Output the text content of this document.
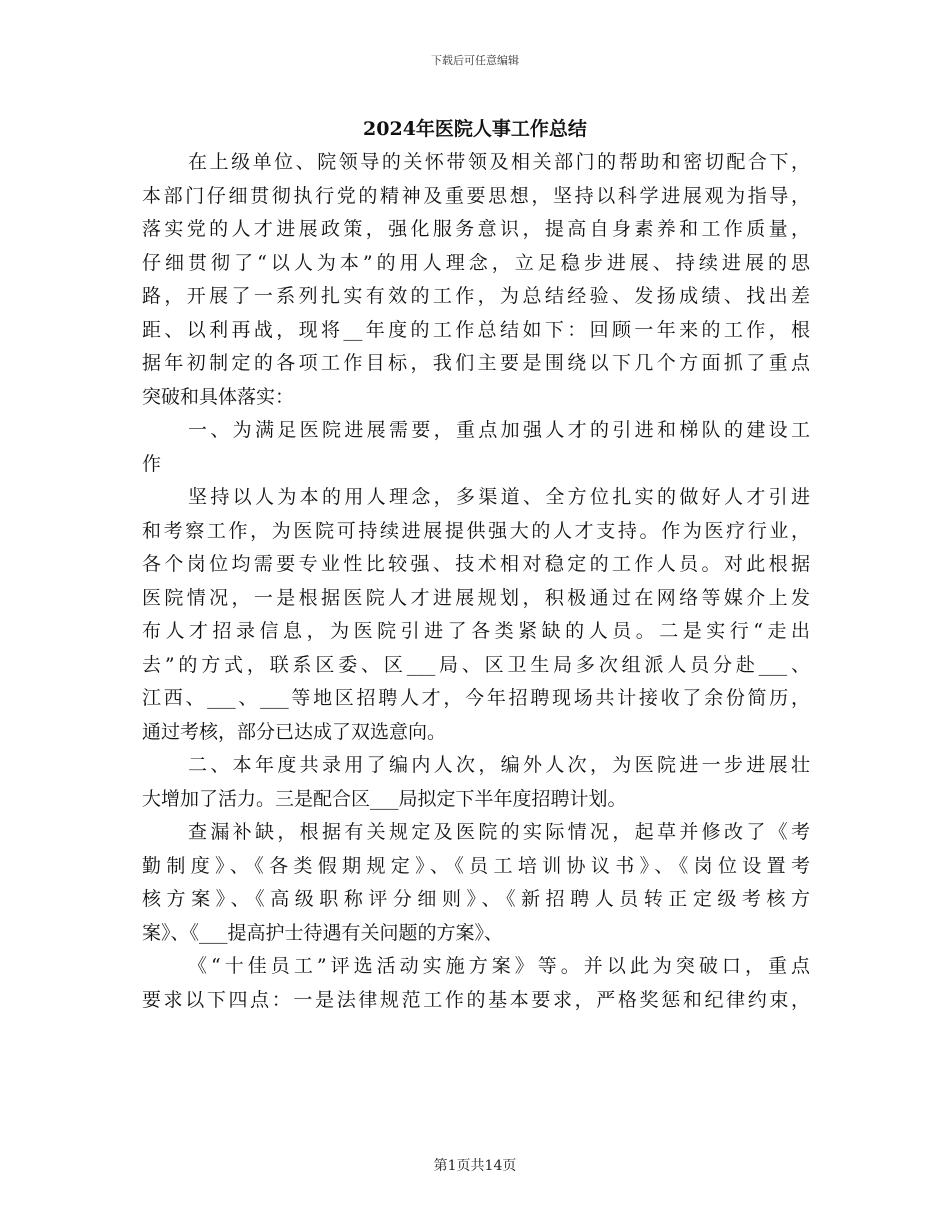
下载后可任意编辑
2024年医院人事工作总结
在上级单位、院领导的关怀带领及相关部门的帮助和密切配合下，
本部门仔细贯彻执行党的精神及重要思想，坚持以科学进展观为指导，
落实党的人才进展政策，强化服务意识，提高自身素养和工作质量，
仔细贯彻了“以人为本”的用人理念，立足稳步进展、持续进展的思
路，开展了一系列扎实有效的工作，为总结经验、发扬成绩、找出差
距、以利再战，现将__年度的工作总结如下：回顾一年来的工作，根
据年初制定的各项工作目标，我们主要是围绕以下几个方面抓了重点
突破和具体落实：
一、为满足医院进展需要，重点加强人才的引进和梯队的建设工
作
坚持以人为本的用人理念，多渠道、全方位扎实的做好人才引进
和考察工作，为医院可持续进展提供强大的人才支持。作为医疗行业，
各个岗位均需要专业性比较强、技术相对稳定的工作人员。对此根据
医院情况，一是根据医院人才进展规划，积极通过在网络等媒介上发
布人才招录信息，为医院引进了各类紧缺的人员。二是实行“走出
去”的方式，联系区委、区___局、区卫生局多次组派人员分赴___、
江西、___、___等地区招聘人才，今年招聘现场共计接收了余份简历，
通过考核，部分已达成了双选意向。
二、本年度共录用了编内人次，编外人次，为医院进一步进展壮
大增加了活力。三是配合区___局拟定下半年度招聘计划。
查漏补缺，根据有关规定及医院的实际情况，起草并修改了《考
勤制度》、《各类假期规定》、《员工培训协议书》、《岗位设置考
核方案》、《高级职称评分细则》、《新招聘人员转正定级考核方
案》、《___提高护士待遇有关问题的方案》、
《“十佳员工”评选活动实施方案》等。并以此为突破口，重点
要求以下四点：一是法律规范工作的基本要求，严格奖惩和纪律约束，
第1页共14页
